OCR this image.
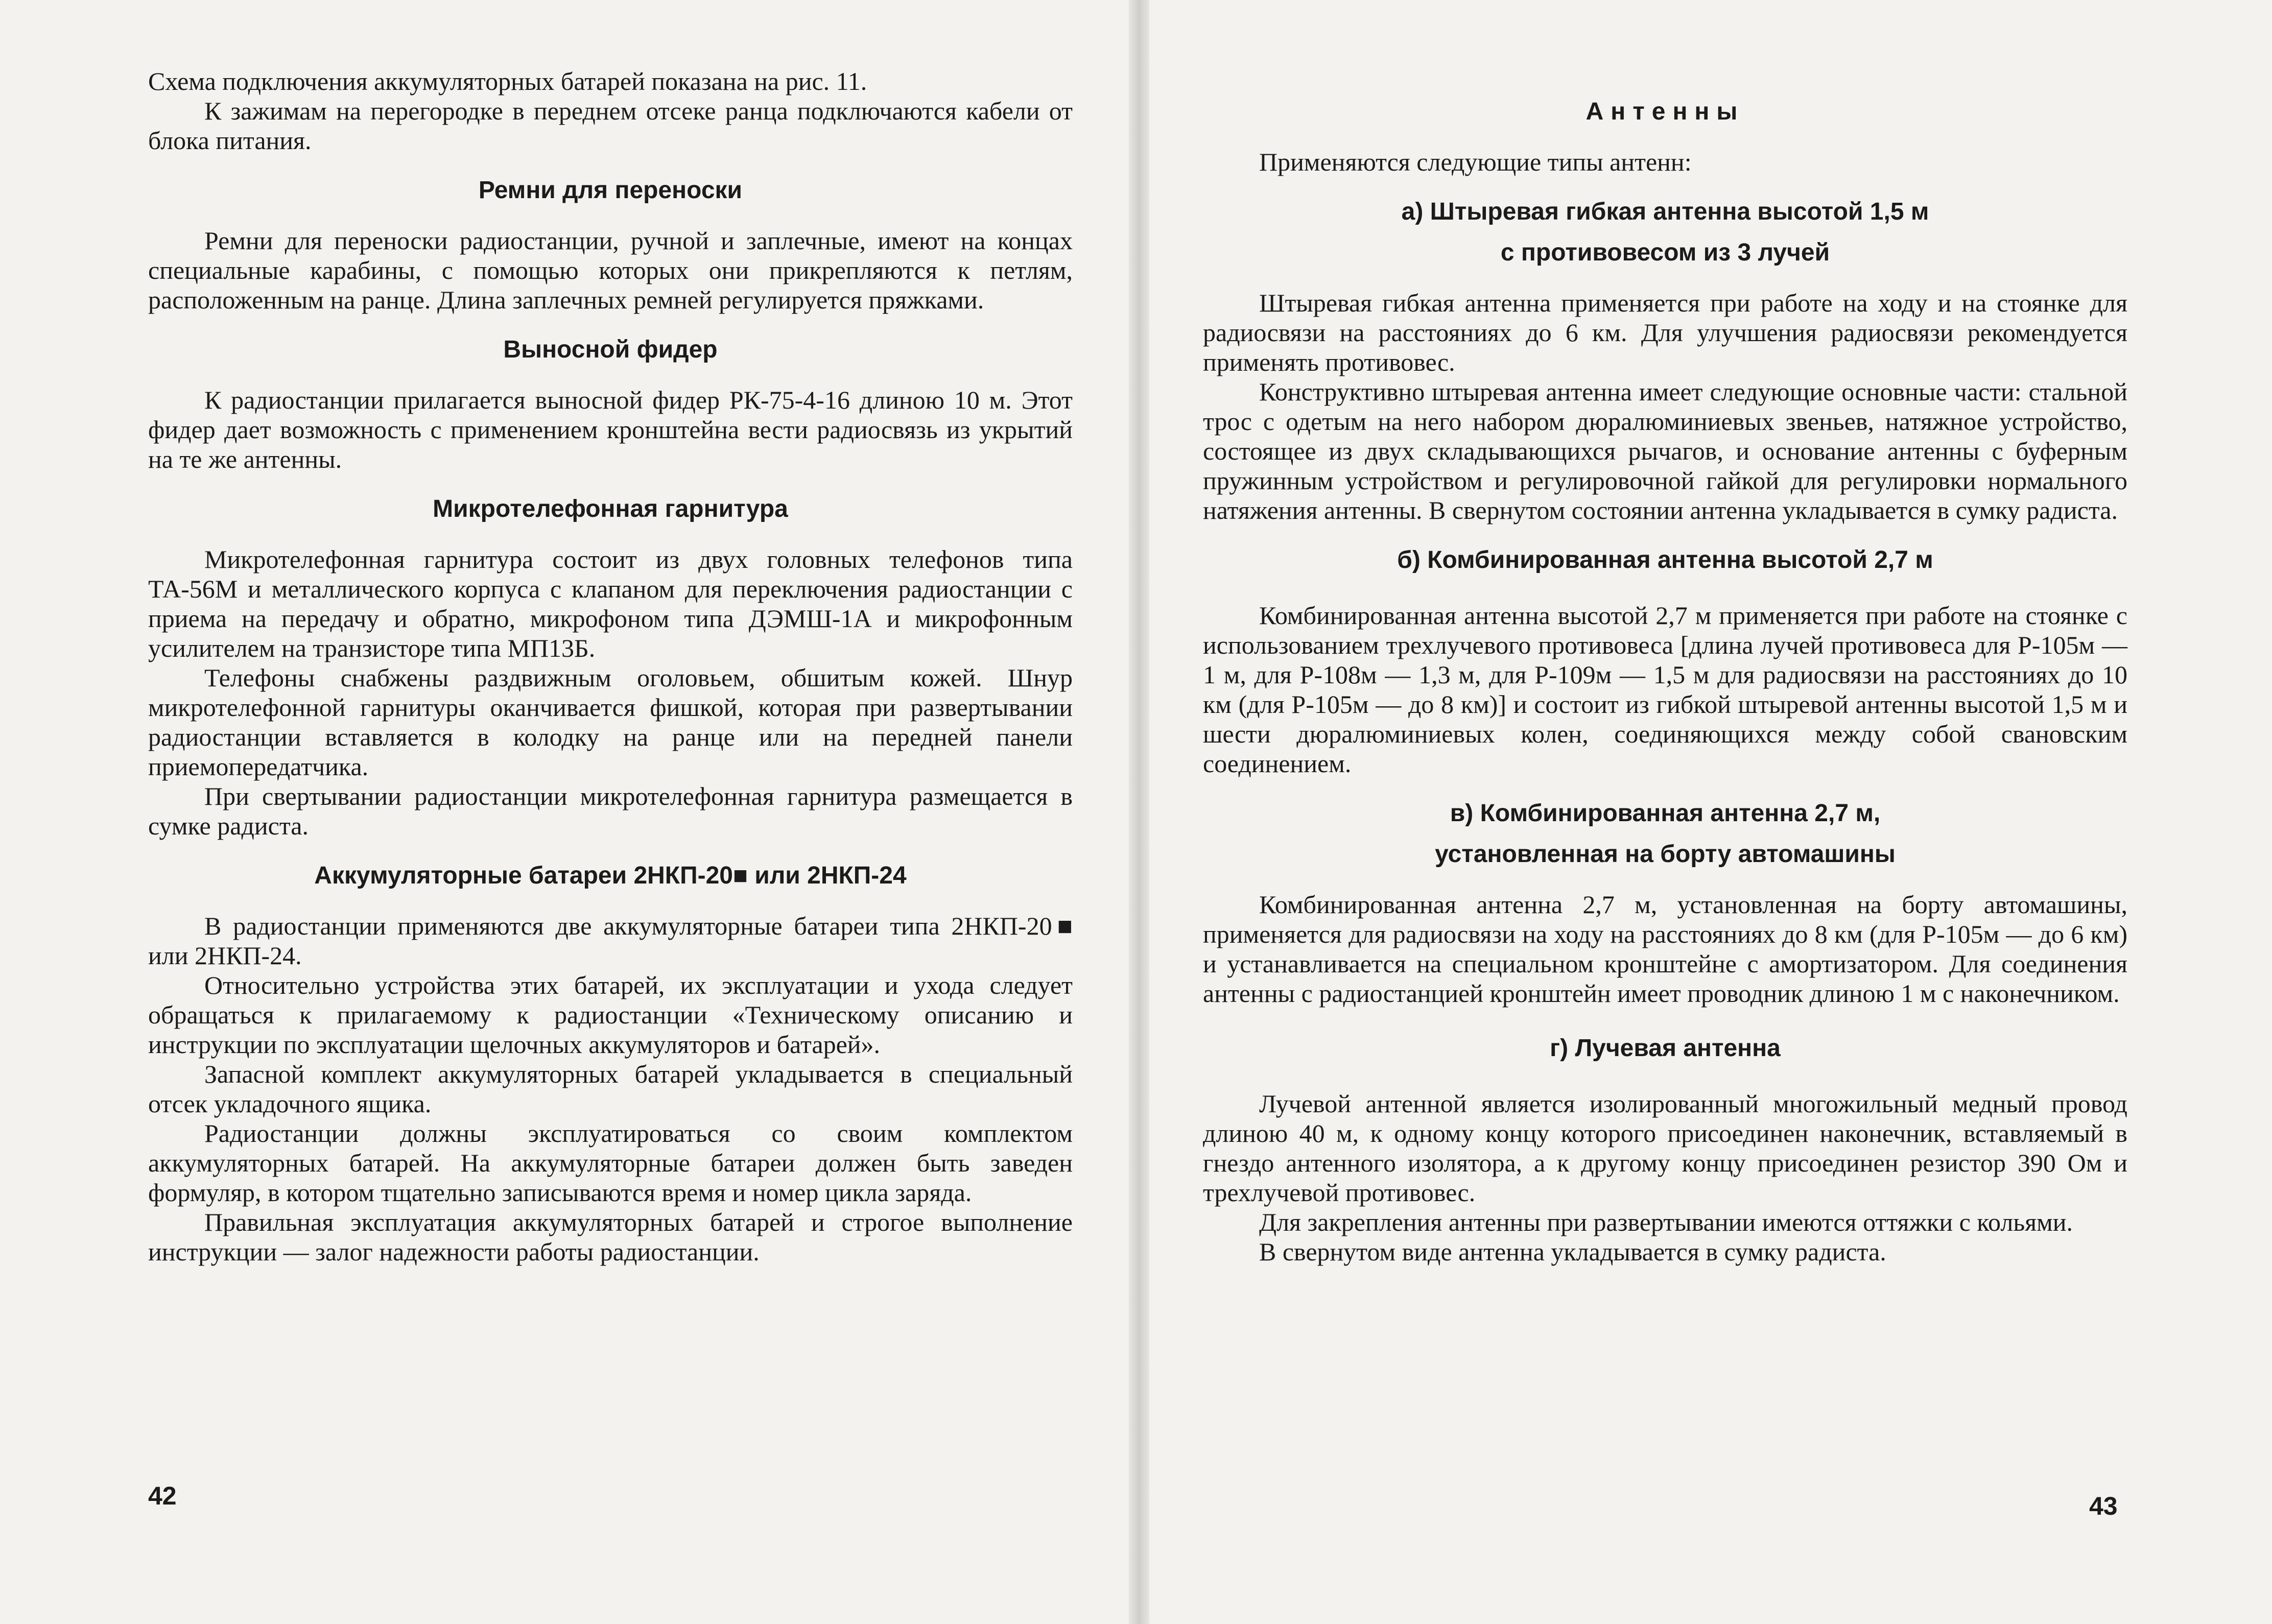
Схема подключения аккумуляторных батарей показана на рис. 11.

К зажимам на перегородке в переднем отсеке ранца подключаются кабели от блока питания.

Ремни для переноски

Ремни для переноски радиостанции, ручной и заплечные, имеют на концах специальные карабины, с помощью которых они прикрепляются к петлям, расположенным на ранце. Длина заплечных ремней регулируется пряжками.

Выносной фидер

К радиостанции прилагается выносной фидер РК-75-4-16 длиною 10 м. Этот фидер дает возможность с применением кронштейна вести радиосвязь из укрытий на те же антенны.

Микротелефонная гарнитура

Микротелефонная гарнитура состоит из двух головных телефонов типа ТА-56М и металлического корпуса с клапаном для переключения радиостанции с приема на передачу и обратно, микрофоном типа ДЭМШ-1А и микрофонным усилителем на транзисторе типа МП13Б.

Телефоны снабжены раздвижным оголовьем, обшитым кожей. Шнур микротелефонной гарнитуры оканчивается фишкой, которая при развертывании радиостанции вставляется в колодку на ранце или на передней панели приемопередатчика.

При свертывании радиостанции микротелефонная гарнитура размещается в сумке радиста.

Аккумуляторные батареи 2НКП-20■ или 2НКП-24

В радиостанции применяются две аккумуляторные батареи типа 2НКП-20■ или 2НКП-24.

Относительно устройства этих батарей, их эксплуатации и ухода следует обращаться к прилагаемому к радиостанции «Техническому описанию и инструкции по эксплуатации щелочных аккумуляторов и батарей».

Запасной комплект аккумуляторных батарей укладывается в специальный отсек укладочного ящика.

Радиостанции должны эксплуатироваться со своим комплектом аккумуляторных батарей. На аккумуляторные батареи должен быть заведен формуляр, в котором тщательно записываются время и номер цикла заряда.

Правильная эксплуатация аккумуляторных батарей и строгое выполнение инструкции — залог надежности работы радиостанции.

42
Антенны

Применяются следующие типы антенн:

а) Штыревая гибкая антенна высотой 1,5 м
с противовесом из 3 лучей

Штыревая гибкая антенна применяется при работе на ходу и на стоянке для радиосвязи на расстояниях до 6 км. Для улучшения радиосвязи рекомендуется применять противовес.

Конструктивно штыревая антенна имеет следующие основные части: стальной трос с одетым на него набором дюралюминиевых звеньев, натяжное устройство, состоящее из двух складывающихся рычагов, и основание антенны с буферным пружинным устройством и регулировочной гайкой для регулировки нормального натяжения антенны. В свернутом состоянии антенна укладывается в сумку радиста.

б) Комбинированная антенна высотой 2,7 м

Комбинированная антенна высотой 2,7 м применяется при работе на стоянке с использованием трехлучевого противовеса [длина лучей противовеса для Р-105м — 1 м, для Р-108м — 1,3 м, для Р-109м — 1,5 м для радиосвязи на расстояниях до 10 км (для Р-105м — до 8 км)] и состоит из гибкой штыревой антенны высотой 1,5 м и шести дюралюминиевых колен, соединяющихся между собой сванoвским соединением.

в) Комбинированная антенна 2,7 м,
установленная на борту автомашины

Комбинированная антенна 2,7 м, установленная на борту автомашины, применяется для радиосвязи на ходу на расстояниях до 8 км (для Р-105м — до 6 км) и устанавливается на специальном кронштейне с амортизатором. Для соединения антенны с радиостанцией кронштейн имеет проводник длиною 1 м с наконечником.

г) Лучевая антенна

Лучевой антенной является изолированный многожильный медный провод длиною 40 м, к одному концу которого присоединен наконечник, вставляемый в гнездо антенного изолятора, а к другому концу присоединен резистор 390 Ом и трехлучевой противовес.

Для закрепления антенны при развертывании имеются оттяжки с кольями.

В свернутом виде антенна укладывается в сумку радиста.

43
